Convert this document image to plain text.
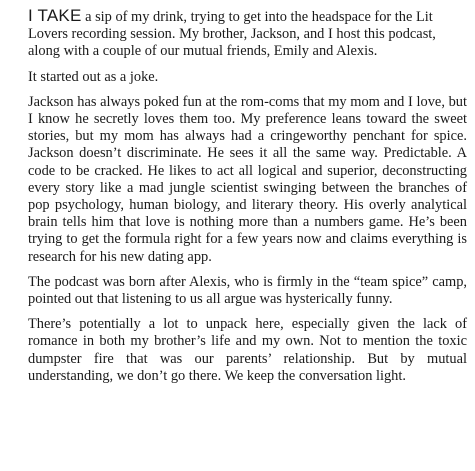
I TAKE a sip of my drink, trying to get into the headspace for the Lit Lovers recording session. My brother, Jackson, and I host this podcast, along with a couple of our mutual friends, Emily and Alexis.

It started out as a joke.

Jackson has always poked fun at the rom-coms that my mom and I love, but I know he secretly loves them too. My preference leans toward the sweet stories, but my mom has always had a cringeworthy penchant for spice. Jackson doesn’t discriminate. He sees it all the same way. Predictable. A code to be cracked. He likes to act all logical and superior, deconstructing every story like a mad jungle scientist swinging between the branches of pop psychology, human biology, and literary theory. His overly analytical brain tells him that love is nothing more than a numbers game. He’s been trying to get the formula right for a few years now and claims everything is research for his new dating app.

The podcast was born after Alexis, who is firmly in the “team spice” camp, pointed out that listening to us all argue was hysterically funny.

There’s potentially a lot to unpack here, especially given the lack of romance in both my brother’s life and my own. Not to mention the toxic dumpster fire that was our parents’ relationship. But by mutual understanding, we don’t go there. We keep the conversation light.
